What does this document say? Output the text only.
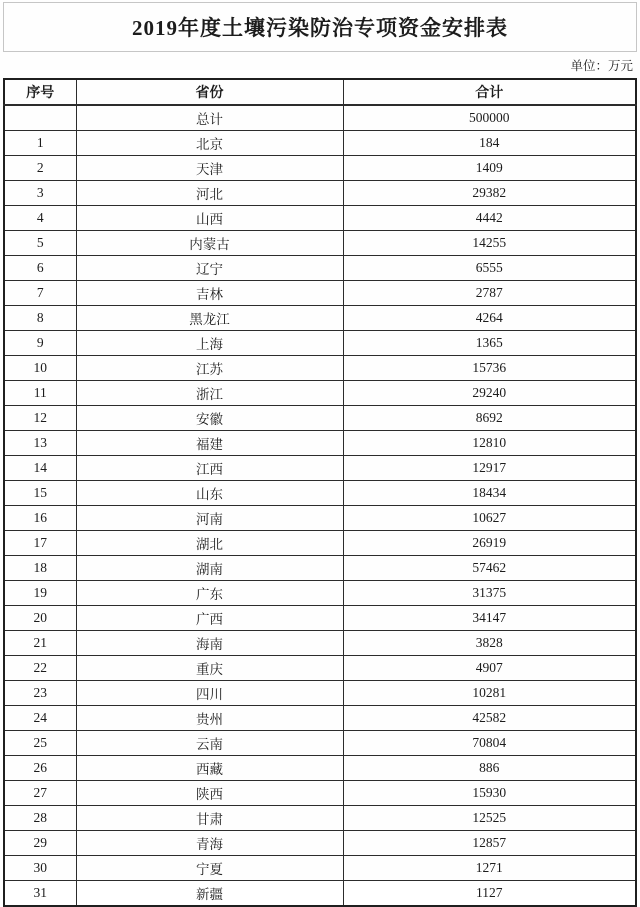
2019年度土壤污染防治专项资金安排表
单位：万元
序号	省份	合计
	总计	500000
1	北京	184
2	天津	1409
3	河北	29382
4	山西	4442
5	内蒙古	14255
6	辽宁	6555
7	吉林	2787
8	黑龙江	4264
9	上海	1365
10	江苏	15736
11	浙江	29240
12	安徽	8692
13	福建	12810
14	江西	12917
15	山东	18434
16	河南	10627
17	湖北	26919
18	湖南	57462
19	广东	31375
20	广西	34147
21	海南	3828
22	重庆	4907
23	四川	10281
24	贵州	42582
25	云南	70804
26	西藏	886
27	陕西	15930
28	甘肃	12525
29	青海	12857
30	宁夏	1271
31	新疆	1127
